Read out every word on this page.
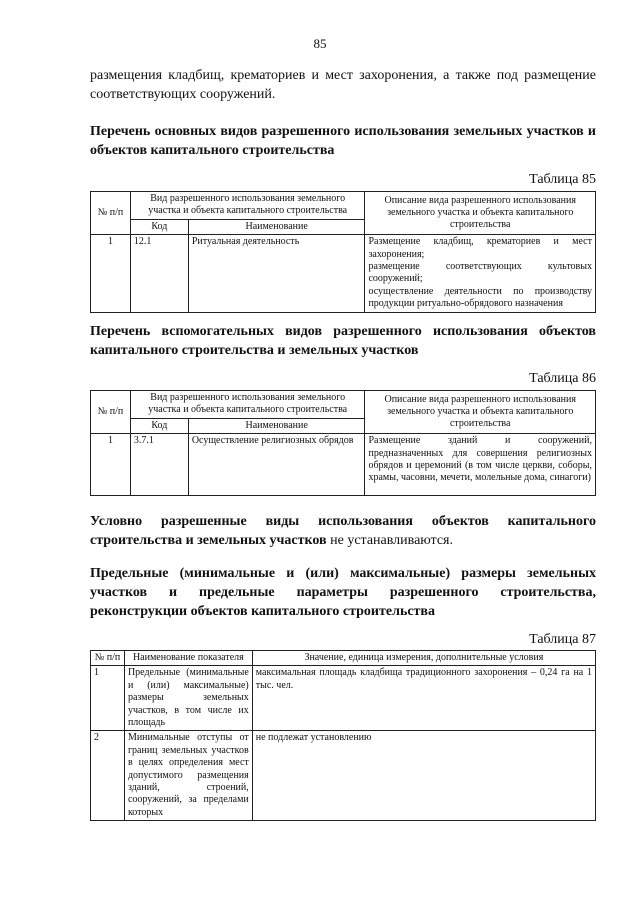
85
размещения кладбищ, крематориев и мест захоронения, а также под размещение соответствующих сооружений.
Перечень основных видов разрешенного использования земельных участков и объектов капитального строительства
Таблица 85
№ п/п	Вид разрешенного использования земельного участка и объекта капитального строительства		Описание вида разрешенного использования земельного участка и объекта капитального строительства
	Код	Наименование	
1	12.1	Ритуальная деятельность	Размещение кладбищ, крематориев и мест захоронения;
размещение соответствующих культовых сооружений;
осуществление деятельности по производству продукции ритуально-обрядового назначения
Перечень вспомогательных видов разрешенного использования объектов капитального строительства и земельных участков
Таблица 86
№ п/п	Вид разрешенного использования земельного участка и объекта капитального строительства		Описание вида разрешенного использования земельного участка и объекта капитального строительства
	Код	Наименование	
1	3.7.1	Осуществление религиозных обрядов	Размещение зданий и сооружений, предназначенных для совершения религиозных обрядов и церемоний (в том числе церкви, соборы, храмы, часовни, мечети, молельные дома, синагоги)
Условно разрешенные виды использования объектов капитального строительства и земельных участков не устанавливаются.
Предельные (минимальные и (или) максимальные) размеры земельных участков и предельные параметры разрешенного строительства, реконструкции объектов капитального строительства
Таблица 87
№ п/п	Наименование показателя	Значение, единица измерения, дополнительные условия
1	Предельные (минимальные и (или) максимальные) размеры земельных участков, в том числе их площадь	максимальная площадь кладбища традиционного захоронения – 0,24 га на 1 тыс. чел.
2	Минимальные отступы от границ земельных участков в целях определения мест допустимого размещения зданий, строений, сооружений, за пределами которых	не подлежат установлению
